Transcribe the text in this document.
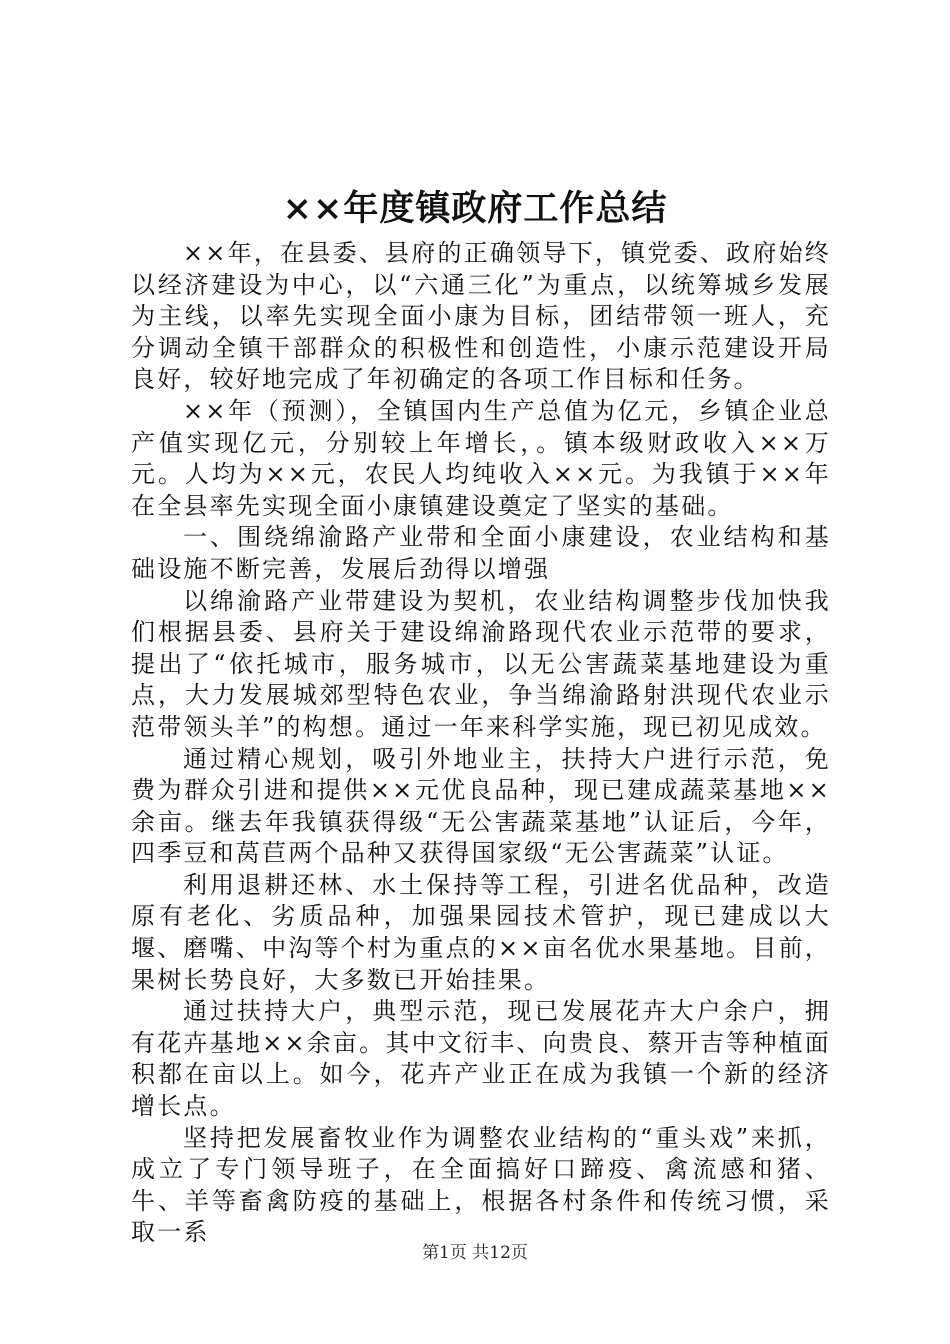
××年度镇政府工作总结

××年，在县委、县府的正确领导下，镇党委、政府始终以经济建设为中心，以“六通三化”为重点，以统筹城乡发展为主线，以率先实现全面小康为目标，团结带领一班人，充分调动全镇干部群众的积极性和创造性，小康示范建设开局良好，较好地完成了年初确定的各项工作目标和任务。

××年（预测），全镇国内生产总值为亿元，乡镇企业总产值实现亿元，分别较上年增长，。镇本级财政收入××万元。人均为××元，农民人均纯收入××元。为我镇于××年在全县率先实现全面小康镇建设奠定了坚实的基础。

一、围绕绵渝路产业带和全面小康建设，农业结构和基础设施不断完善，发展后劲得以增强

以绵渝路产业带建设为契机，农业结构调整步伐加快我们根据县委、县府关于建设绵渝路现代农业示范带的要求，提出了“依托城市，服务城市，以无公害蔬菜基地建设为重点，大力发展城郊型特色农业，争当绵渝路射洪现代农业示范带领头羊”的构想。通过一年来科学实施，现已初见成效。

通过精心规划，吸引外地业主，扶持大户进行示范，免费为群众引进和提供××元优良品种，现已建成蔬菜基地××余亩。继去年我镇获得级“无公害蔬菜基地”认证后，今年，四季豆和莴苣两个品种又获得国家级“无公害蔬菜”认证。

利用退耕还林、水土保持等工程，引进名优品种，改造原有老化、劣质品种，加强果园技术管护，现已建成以大堰、磨嘴、中沟等个村为重点的××亩名优水果基地。目前，果树长势良好，大多数已开始挂果。

通过扶持大户，典型示范，现已发展花卉大户余户，拥有花卉基地××余亩。其中文衍丰、向贵良、蔡开吉等种植面积都在亩以上。如今，花卉产业正在成为我镇一个新的经济增长点。

坚持把发展畜牧业作为调整农业结构的“重头戏”来抓，成立了专门领导班子，在全面搞好口蹄疫、禽流感和猪、牛、羊等畜禽防疫的基础上，根据各村条件和传统习惯，采取一系

第1页 共12页
